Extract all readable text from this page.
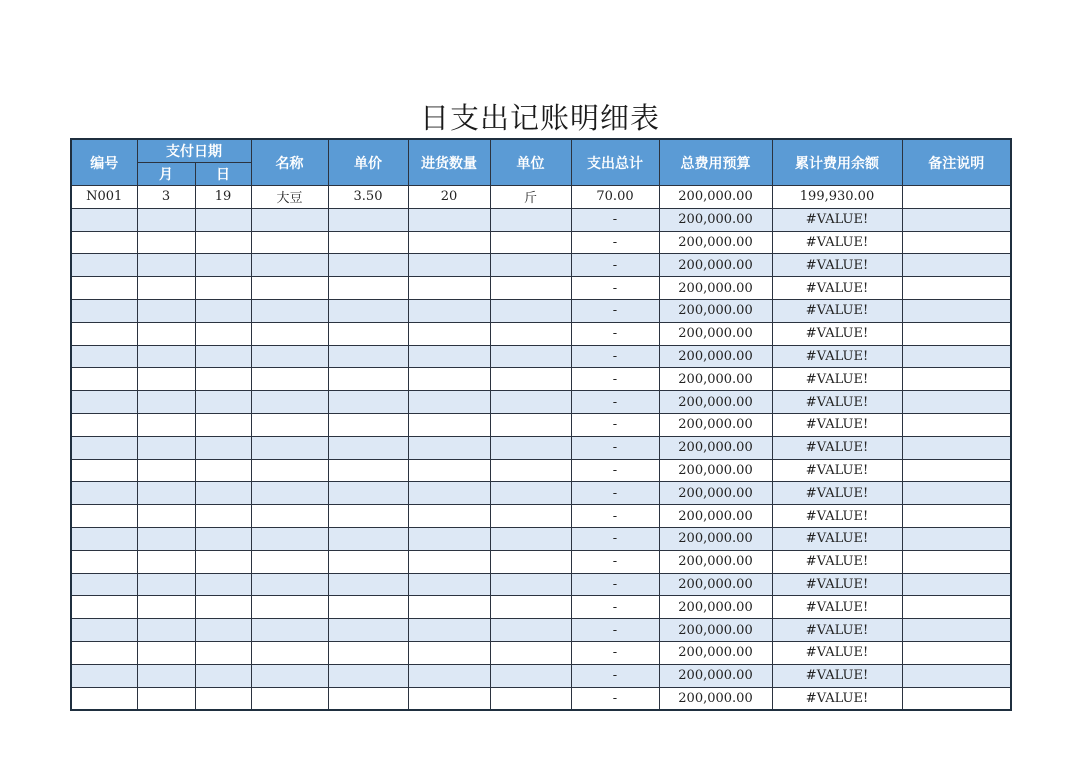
日支出记账明细表
编号	支付日期		名称	单价	进货数量	单位	支出总计	总费用预算	累计费用余额	备注说明
	月	日								
N001	3	19	大豆	3.50	20	斤	70.00	200,000.00	199,930.00	
							-	200,000.00	#VALUE!	
							-	200,000.00	#VALUE!	
							-	200,000.00	#VALUE!	
							-	200,000.00	#VALUE!	
							-	200,000.00	#VALUE!	
							-	200,000.00	#VALUE!	
							-	200,000.00	#VALUE!	
							-	200,000.00	#VALUE!	
							-	200,000.00	#VALUE!	
							-	200,000.00	#VALUE!	
							-	200,000.00	#VALUE!	
							-	200,000.00	#VALUE!	
							-	200,000.00	#VALUE!	
							-	200,000.00	#VALUE!	
							-	200,000.00	#VALUE!	
							-	200,000.00	#VALUE!	
							-	200,000.00	#VALUE!	
							-	200,000.00	#VALUE!	
							-	200,000.00	#VALUE!	
							-	200,000.00	#VALUE!	
							-	200,000.00	#VALUE!	
							-	200,000.00	#VALUE!	
